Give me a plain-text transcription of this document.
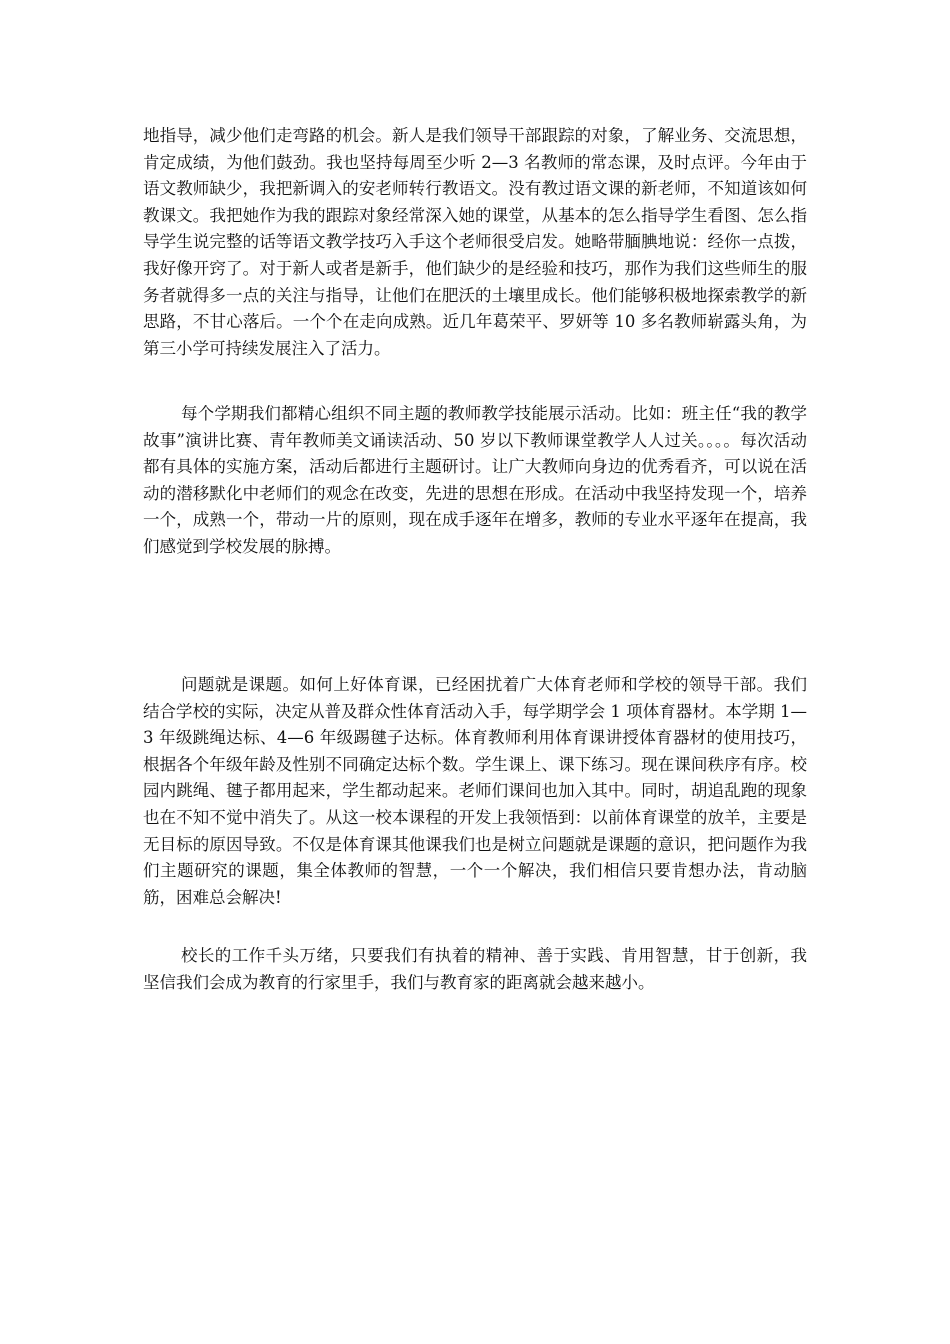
地指导，减少他们走弯路的机会。新人是我们领导干部跟踪的对象，了解业务、交流思想，肯定成绩，为他们鼓劲。我也坚持每周至少听 2—3 名教师的常态课，及时点评。今年由于语文教师缺少，我把新调入的安老师转行教语文。没有教过语文课的新老师，不知道该如何教课文。我把她作为我的跟踪对象经常深入她的课堂，从基本的怎么指导学生看图、怎么指导学生说完整的话等语文教学技巧入手这个老师很受启发。她略带腼腆地说：经你一点拨，我好像开窍了。对于新人或者是新手，他们缺少的是经验和技巧，那作为我们这些师生的服务者就得多一点的关注与指导，让他们在肥沃的土壤里成长。他们能够积极地探索教学的新思路，不甘心落后。一个个在走向成熟。近几年葛荣平、罗妍等 10 多名教师崭露头角，为第三小学可持续发展注入了活力。

每个学期我们都精心组织不同主题的教师教学技能展示活动。比如：班主任“我的教学故事”演讲比赛、青年教师美文诵读活动、50 岁以下教师课堂教学人人过关。。。。每次活动都有具体的实施方案，活动后都进行主题研讨。让广大教师向身边的优秀看齐，可以说在活动的潜移默化中老师们的观念在改变，先进的思想在形成。在活动中我坚持发现一个，培养一个，成熟一个，带动一片的原则，现在成手逐年在增多，教师的专业水平逐年在提高，我们感觉到学校发展的脉搏。

问题就是课题。如何上好体育课，已经困扰着广大体育老师和学校的领导干部。我们结合学校的实际，决定从普及群众性体育活动入手，每学期学会 1 项体育器材。本学期 1—3 年级跳绳达标、4—6 年级踢毽子达标。体育教师利用体育课讲授体育器材的使用技巧，根据各个年级年龄及性别不同确定达标个数。学生课上、课下练习。现在课间秩序有序。校园内跳绳、毽子都用起来，学生都动起来。老师们课间也加入其中。同时，胡追乱跑的现象也在不知不觉中消失了。从这一校本课程的开发上我领悟到：以前体育课堂的放羊，主要是无目标的原因导致。不仅是体育课其他课我们也是树立问题就是课题的意识，把问题作为我们主题研究的课题，集全体教师的智慧，一个一个解决，我们相信只要肯想办法，肯动脑筋，困难总会解决!

校长的工作千头万绪，只要我们有执着的精神、善于实践、肯用智慧，甘于创新，我坚信我们会成为教育的行家里手，我们与教育家的距离就会越来越小。
